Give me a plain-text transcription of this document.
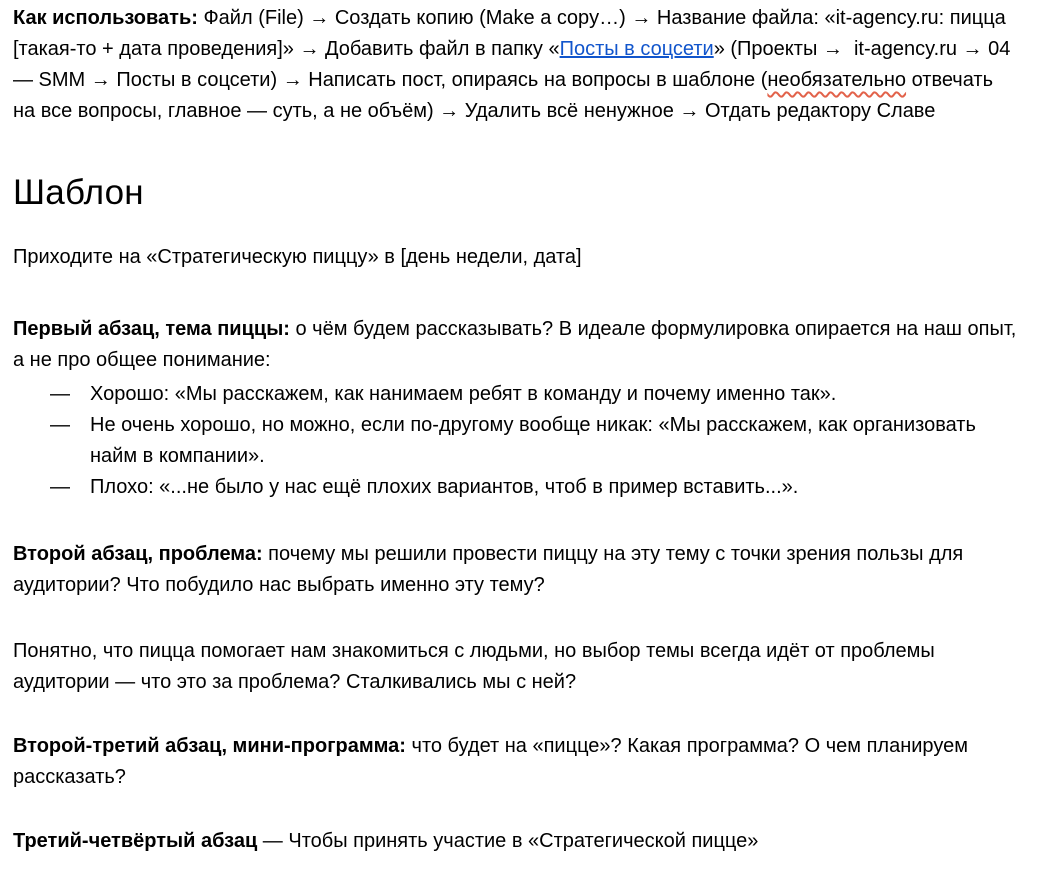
Как использовать: Файл (File) → Создать копию (Make a copy…) → Название файла: «it-agency.ru: пицца [такая-то + дата проведения]» → Добавить файл в папку «Посты в соцсети» (Проекты →  it-agency.ru → 04 — SMM → Посты в соцсети) → Написать пост, опираясь на вопросы в шаблоне (необязательно отвечать на все вопросы, главное — суть, а не объём) → Удалить всё ненужное → Отдать редактору Славе

Шаблон

Приходите на «Стратегическую пиццу» в [день недели, дата]

Первый абзац, тема пиццы: о чём будем рассказывать? В идеале формулировка опирается на наш опыт, а не про общее понимание:

—	Хорошо: «Мы расскажем, как нанимаем ребят в команду и почему именно так».
—	Не очень хорошо, но можно, если по-другому вообще никак: «Мы расскажем, как организовать найм в компании».
—	Плохо: «...не было у нас ещё плохих вариантов, чтоб в пример вставить...».

Второй абзац, проблема: почему мы решили провести пиццу на эту тему с точки зрения пользы для аудитории? Что побудило нас выбрать именно эту тему?

Понятно, что пицца помогает нам знакомиться с людьми, но выбор темы всегда идёт от проблемы аудитории — что это за проблема? Сталкивались мы с ней?

Второй-третий абзац, мини-программа: что будет на «пицце»? Какая программа? О чем планируем рассказать?

Третий-четвёртый абзац — Чтобы принять участие в «Стратегической пицце»
